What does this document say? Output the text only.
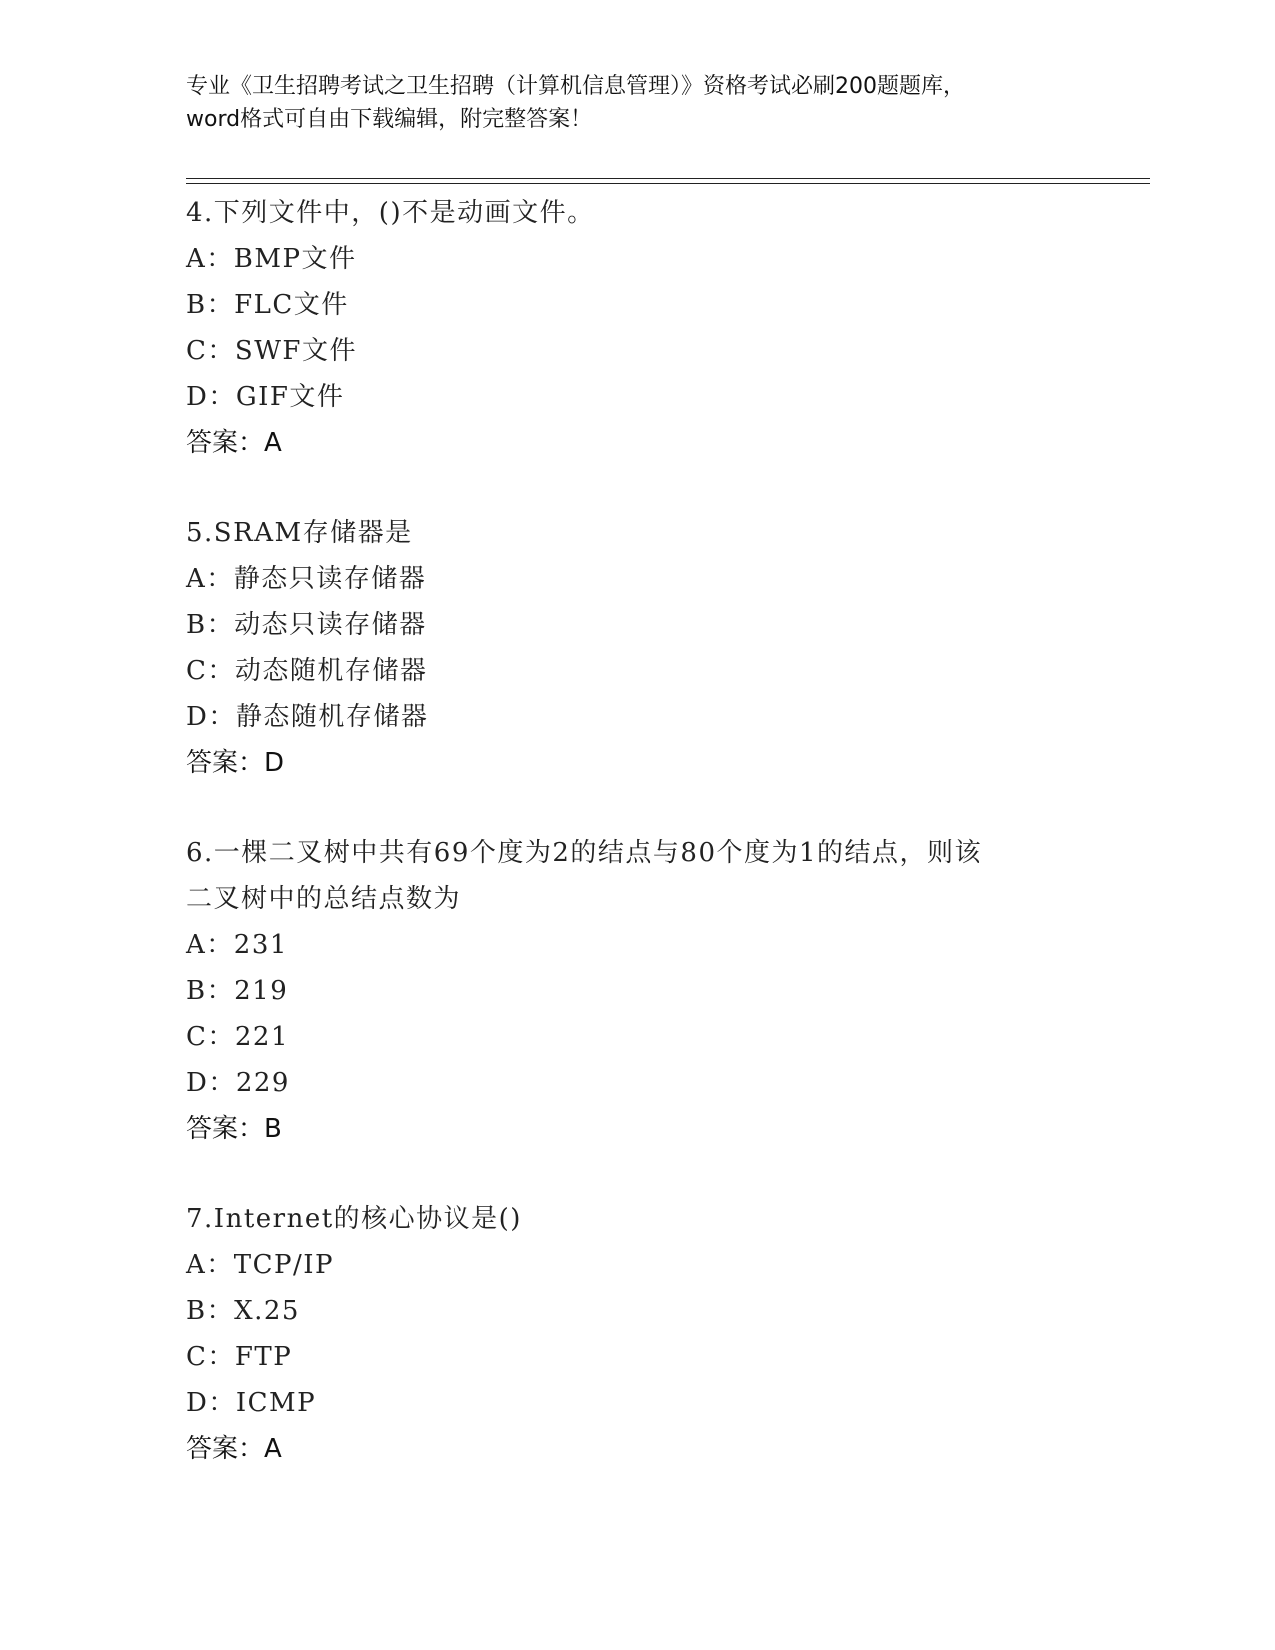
专业《卫生招聘考试之卫生招聘（计算机信息管理）》资格考试必刷200题题库，
word格式可自由下载编辑，附完整答案！
4.下列文件中，()不是动画文件。
A：BMP文件
B：FLC文件
C：SWF文件
D：GIF文件
答案：A
5.SRAM存储器是
A：静态只读存储器
B：动态只读存储器
C：动态随机存储器
D：静态随机存储器
答案：D
6.一棵二叉树中共有69个度为2的结点与80个度为1的结点，则该
二叉树中的总结点数为
A：231
B：219
C：221
D：229
答案：B
7.Internet的核心协议是()
A：TCP/IP
B：X.25
C：FTP
D：ICMP
答案：A
